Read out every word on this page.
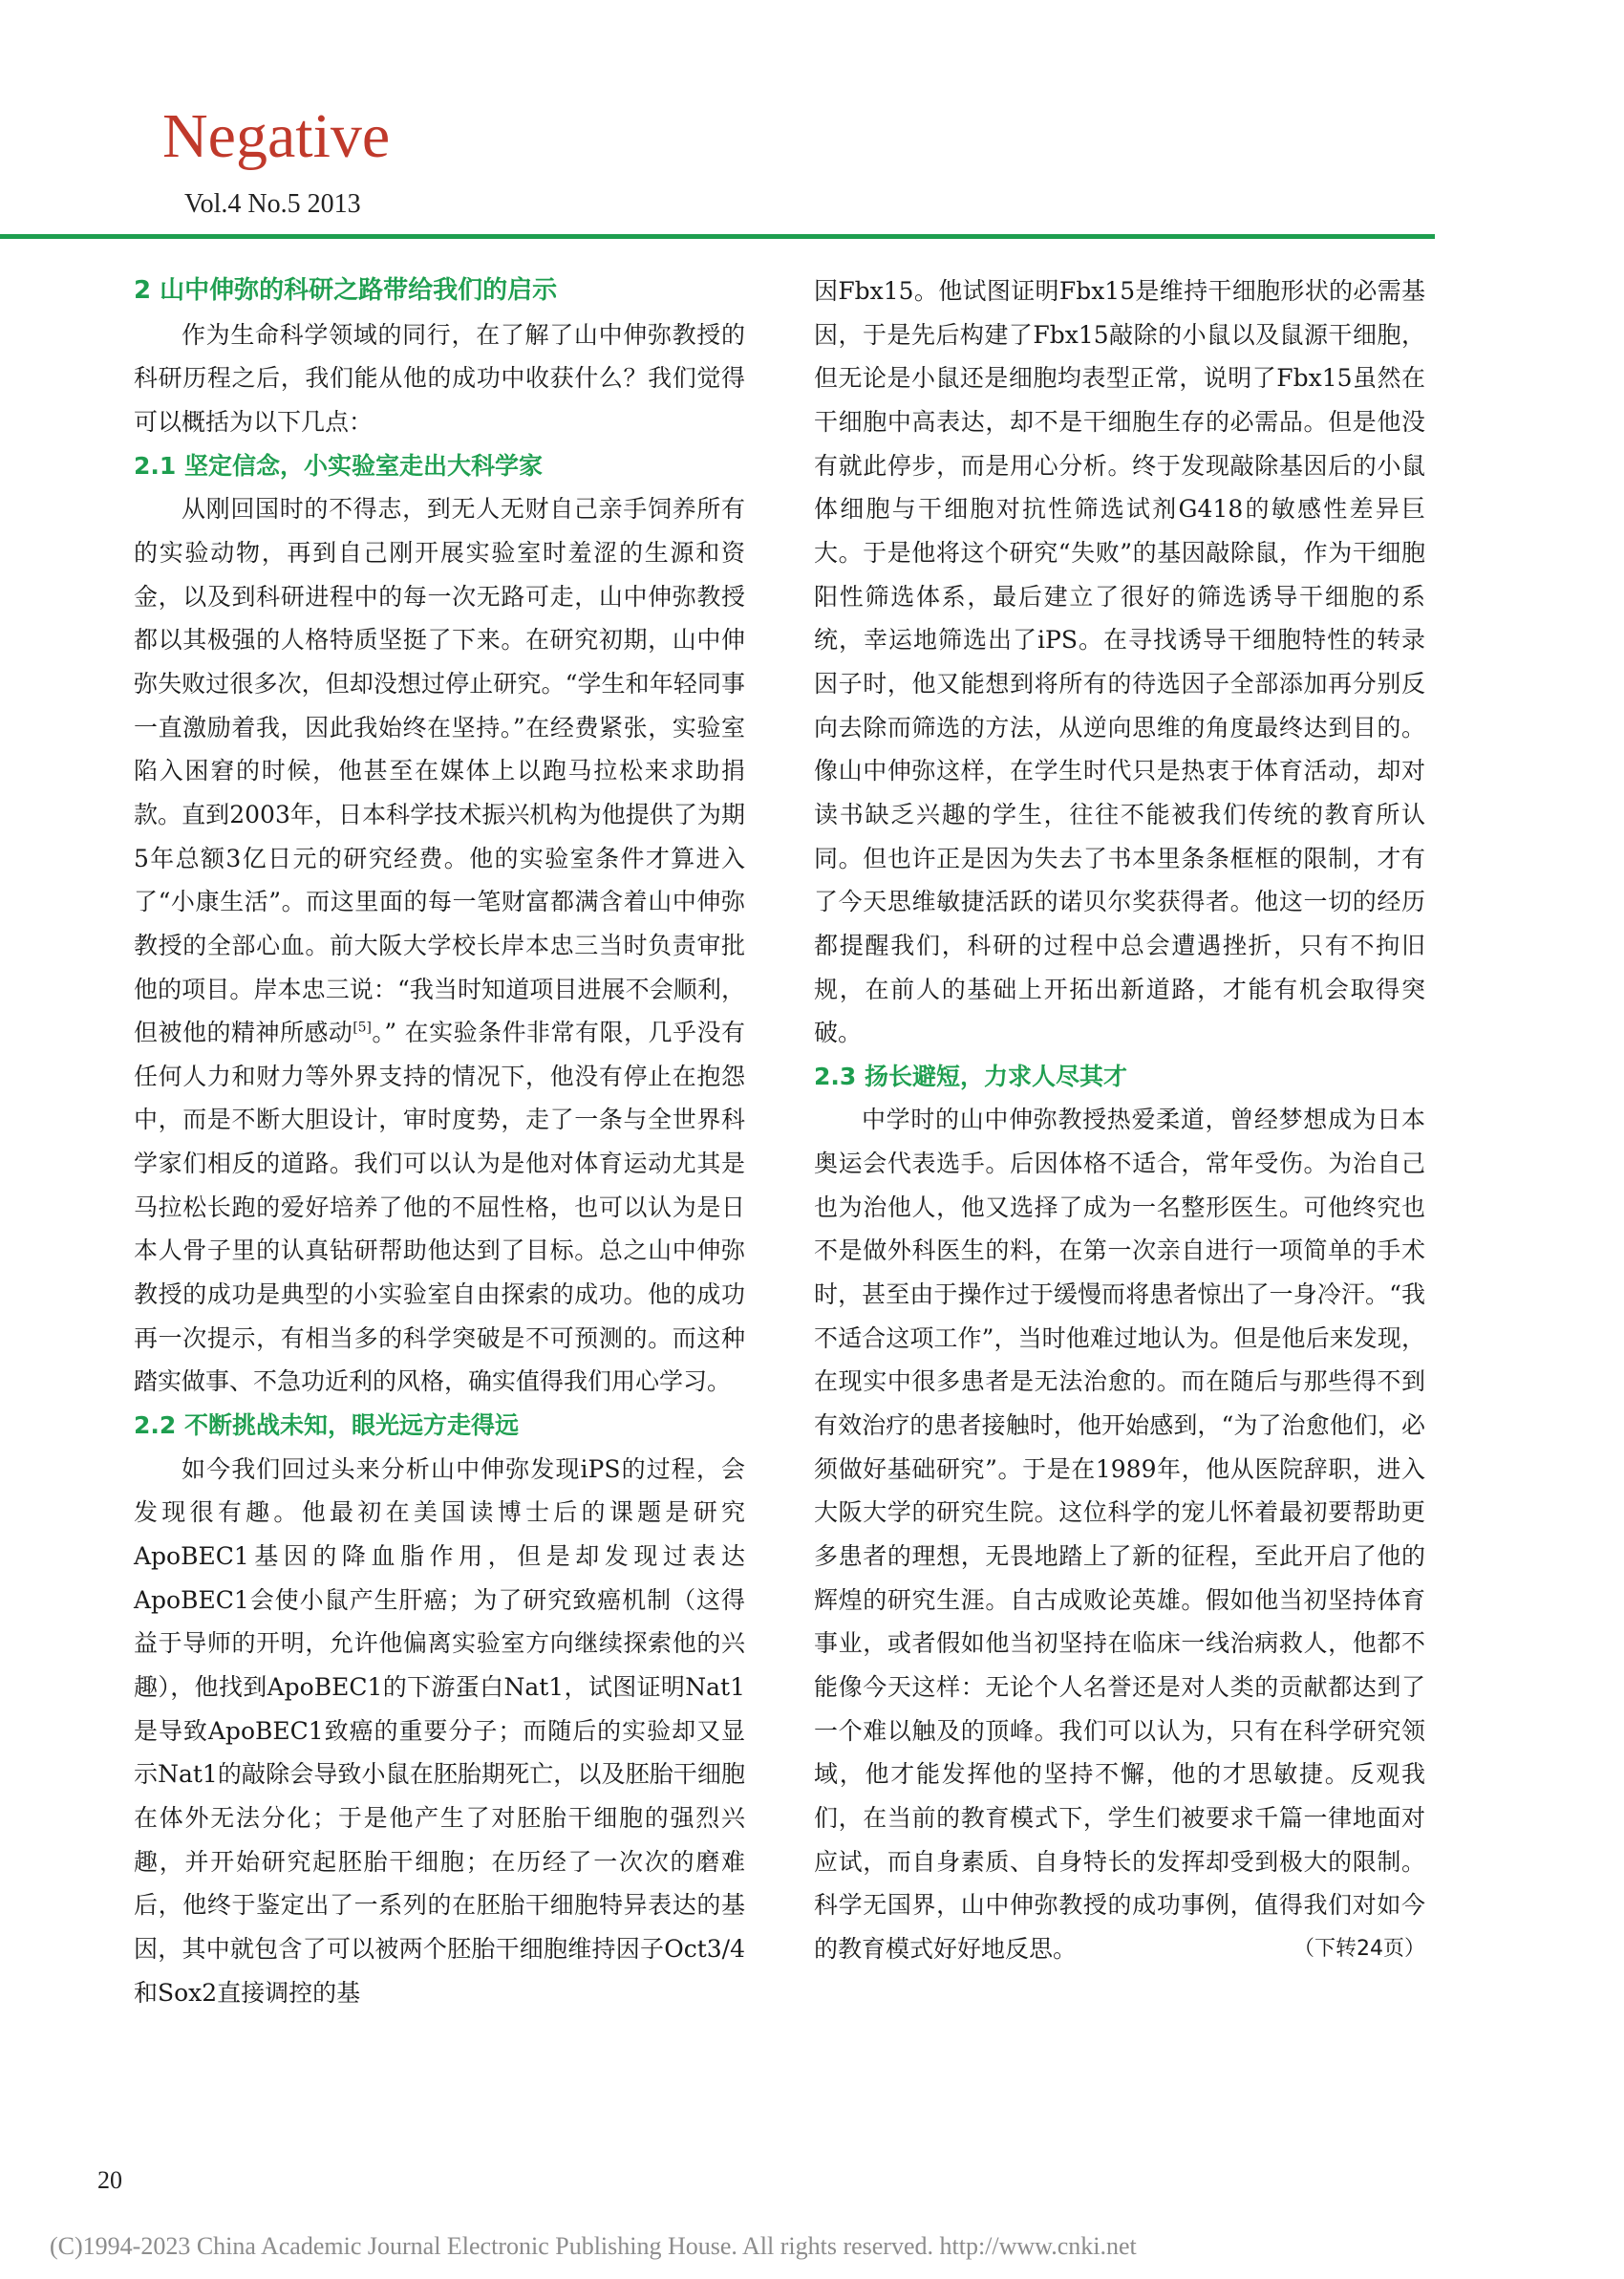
Negative
Vol.4 No.5 2013
2 山中伸弥的科研之路带给我们的启示

作为生命科学领域的同行，在了解了山中伸弥教授的科研历程之后，我们能从他的成功中收获什么？我们觉得可以概括为以下几点：

2.1 坚定信念，小实验室走出大科学家

从刚回国时的不得志，到无人无财自己亲手饲养所有的实验动物，再到自己刚开展实验室时羞涩的生源和资金，以及到科研进程中的每一次无路可走，山中伸弥教授都以其极强的人格特质坚挺了下来。在研究初期，山中伸弥失败过很多次，但却没想过停止研究。“学生和年轻同事一直激励着我，因此我始终在坚持。”在经费紧张，实验室陷入困窘的时候，他甚至在媒体上以跑马拉松来求助捐款。直到2003年，日本科学技术振兴机构为他提供了为期5年总额3亿日元的研究经费。他的实验室条件才算进入了“小康生活”。而这里面的每一笔财富都满含着山中伸弥教授的全部心血。前大阪大学校长岸本忠三当时负责审批他的项目。岸本忠三说：“我当时知道项目进展不会顺利，但被他的精神所感动[5]。” 在实验条件非常有限，几乎没有任何人力和财力等外界支持的情况下，他没有停止在抱怨中，而是不断大胆设计，审时度势，走了一条与全世界科学家们相反的道路。我们可以认为是他对体育运动尤其是马拉松长跑的爱好培养了他的不屈性格，也可以认为是日本人骨子里的认真钻研帮助他达到了目标。总之山中伸弥教授的成功是典型的小实验室自由探索的成功。他的成功再一次提示，有相当多的科学突破是不可预测的。而这种踏实做事、不急功近利的风格，确实值得我们用心学习。

2.2 不断挑战未知，眼光远方走得远

如今我们回过头来分析山中伸弥发现iPS的过程，会发现很有趣。他最初在美国读博士后的课题是研究ApoBEC1基因的降血脂作用，但是却发现过表达ApoBEC1会使小鼠产生肝癌；为了研究致癌机制（这得益于导师的开明，允许他偏离实验室方向继续探索他的兴趣），他找到ApoBEC1的下游蛋白Nat1，试图证明Nat1是导致ApoBEC1致癌的重要分子；而随后的实验却又显示Nat1的敲除会导致小鼠在胚胎期死亡，以及胚胎干细胞在体外无法分化；于是他产生了对胚胎干细胞的强烈兴趣，并开始研究起胚胎干细胞；在历经了一次次的磨难后，他终于鉴定出了一系列的在胚胎干细胞特异表达的基因，其中就包含了可以被两个胚胎干细胞维持因子Oct3/4和Sox2直接调控的基

因Fbx15。他试图证明Fbx15是维持干细胞形状的必需基因，于是先后构建了Fbx15敲除的小鼠以及鼠源干细胞，但无论是小鼠还是细胞均表型正常，说明了Fbx15虽然在干细胞中高表达，却不是干细胞生存的必需品。但是他没有就此停步，而是用心分析。终于发现敲除基因后的小鼠体细胞与干细胞对抗性筛选试剂G418的敏感性差异巨大。于是他将这个研究“失败”的基因敲除鼠，作为干细胞阳性筛选体系，最后建立了很好的筛选诱导干细胞的系统，幸运地筛选出了iPS。在寻找诱导干细胞特性的转录因子时，他又能想到将所有的待选因子全部添加再分别反向去除而筛选的方法，从逆向思维的角度最终达到目的。像山中伸弥这样，在学生时代只是热衷于体育活动，却对读书缺乏兴趣的学生，往往不能被我们传统的教育所认同。但也许正是因为失去了书本里条条框框的限制，才有了今天思维敏捷活跃的诺贝尔奖获得者。他这一切的经历都提醒我们，科研的过程中总会遭遇挫折，只有不拘旧规，在前人的基础上开拓出新道路，才能有机会取得突破。

2.3 扬长避短，力求人尽其才

中学时的山中伸弥教授热爱柔道，曾经梦想成为日本奥运会代表选手。后因体格不适合，常年受伤。为治自己也为治他人，他又选择了成为一名整形医生。可他终究也不是做外科医生的料，在第一次亲自进行一项简单的手术时，甚至由于操作过于缓慢而将患者惊出了一身冷汗。“我不适合这项工作”，当时他难过地认为。但是他后来发现，在现实中很多患者是无法治愈的。而在随后与那些得不到有效治疗的患者接触时，他开始感到，“为了治愈他们，必须做好基础研究”。于是在1989年，他从医院辞职，进入大阪大学的研究生院。这位科学的宠儿怀着最初要帮助更多患者的理想，无畏地踏上了新的征程，至此开启了他的辉煌的研究生涯。自古成败论英雄。假如他当初坚持体育事业，或者假如他当初坚持在临床一线治病救人，他都不能像今天这样：无论个人名誉还是对人类的贡献都达到了一个难以触及的顶峰。我们可以认为，只有在科学研究领域，他才能发挥他的坚持不懈，他的才思敏捷。反观我们，在当前的教育模式下，学生们被要求千篇一律地面对应试，而自身素质、自身特长的发挥却受到极大的限制。科学无国界，山中伸弥教授的成功事例，值得我们对如今的教育模式好好地反思。	（下转24页）

20
(C)1994-2023 China Academic Journal Electronic Publishing House. All rights reserved. http://www.cnki.net
